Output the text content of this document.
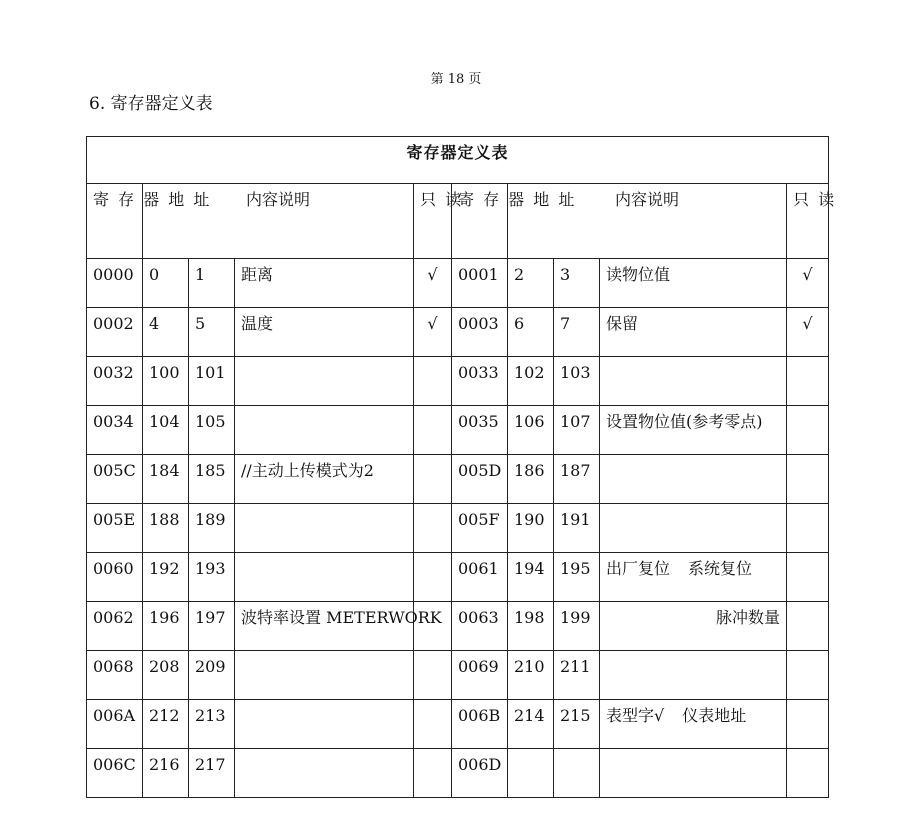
第 18 页
6. 寄存器定义表
寄存器定义表									
寄 存 器 地 址	内容说明			只 读	寄 存 器 地 址	内容说明			只 读
0000	0	1	距离	√	0001	2	3	读物位值	√
0002	4	5	温度	√	0003	6	7	保留	√
0032	100	101			0033	102	103		
0034	104	105			0035	106	107	设置物位值(参考零点)	
005C	184	185	//主动上传模式为2		005D	186	187		
005E	188	189			005F	190	191		
0060	192	193			0061	194	195	出厂复位 系统复位	
0062	196	197	波特率设置 METERWORK		0063	198	199	脉冲数量	
0068	208	209			0069	210	211		
006A	212	213			006B	214	215	表型字√ 仪表地址	
006C	216	217			006D				
